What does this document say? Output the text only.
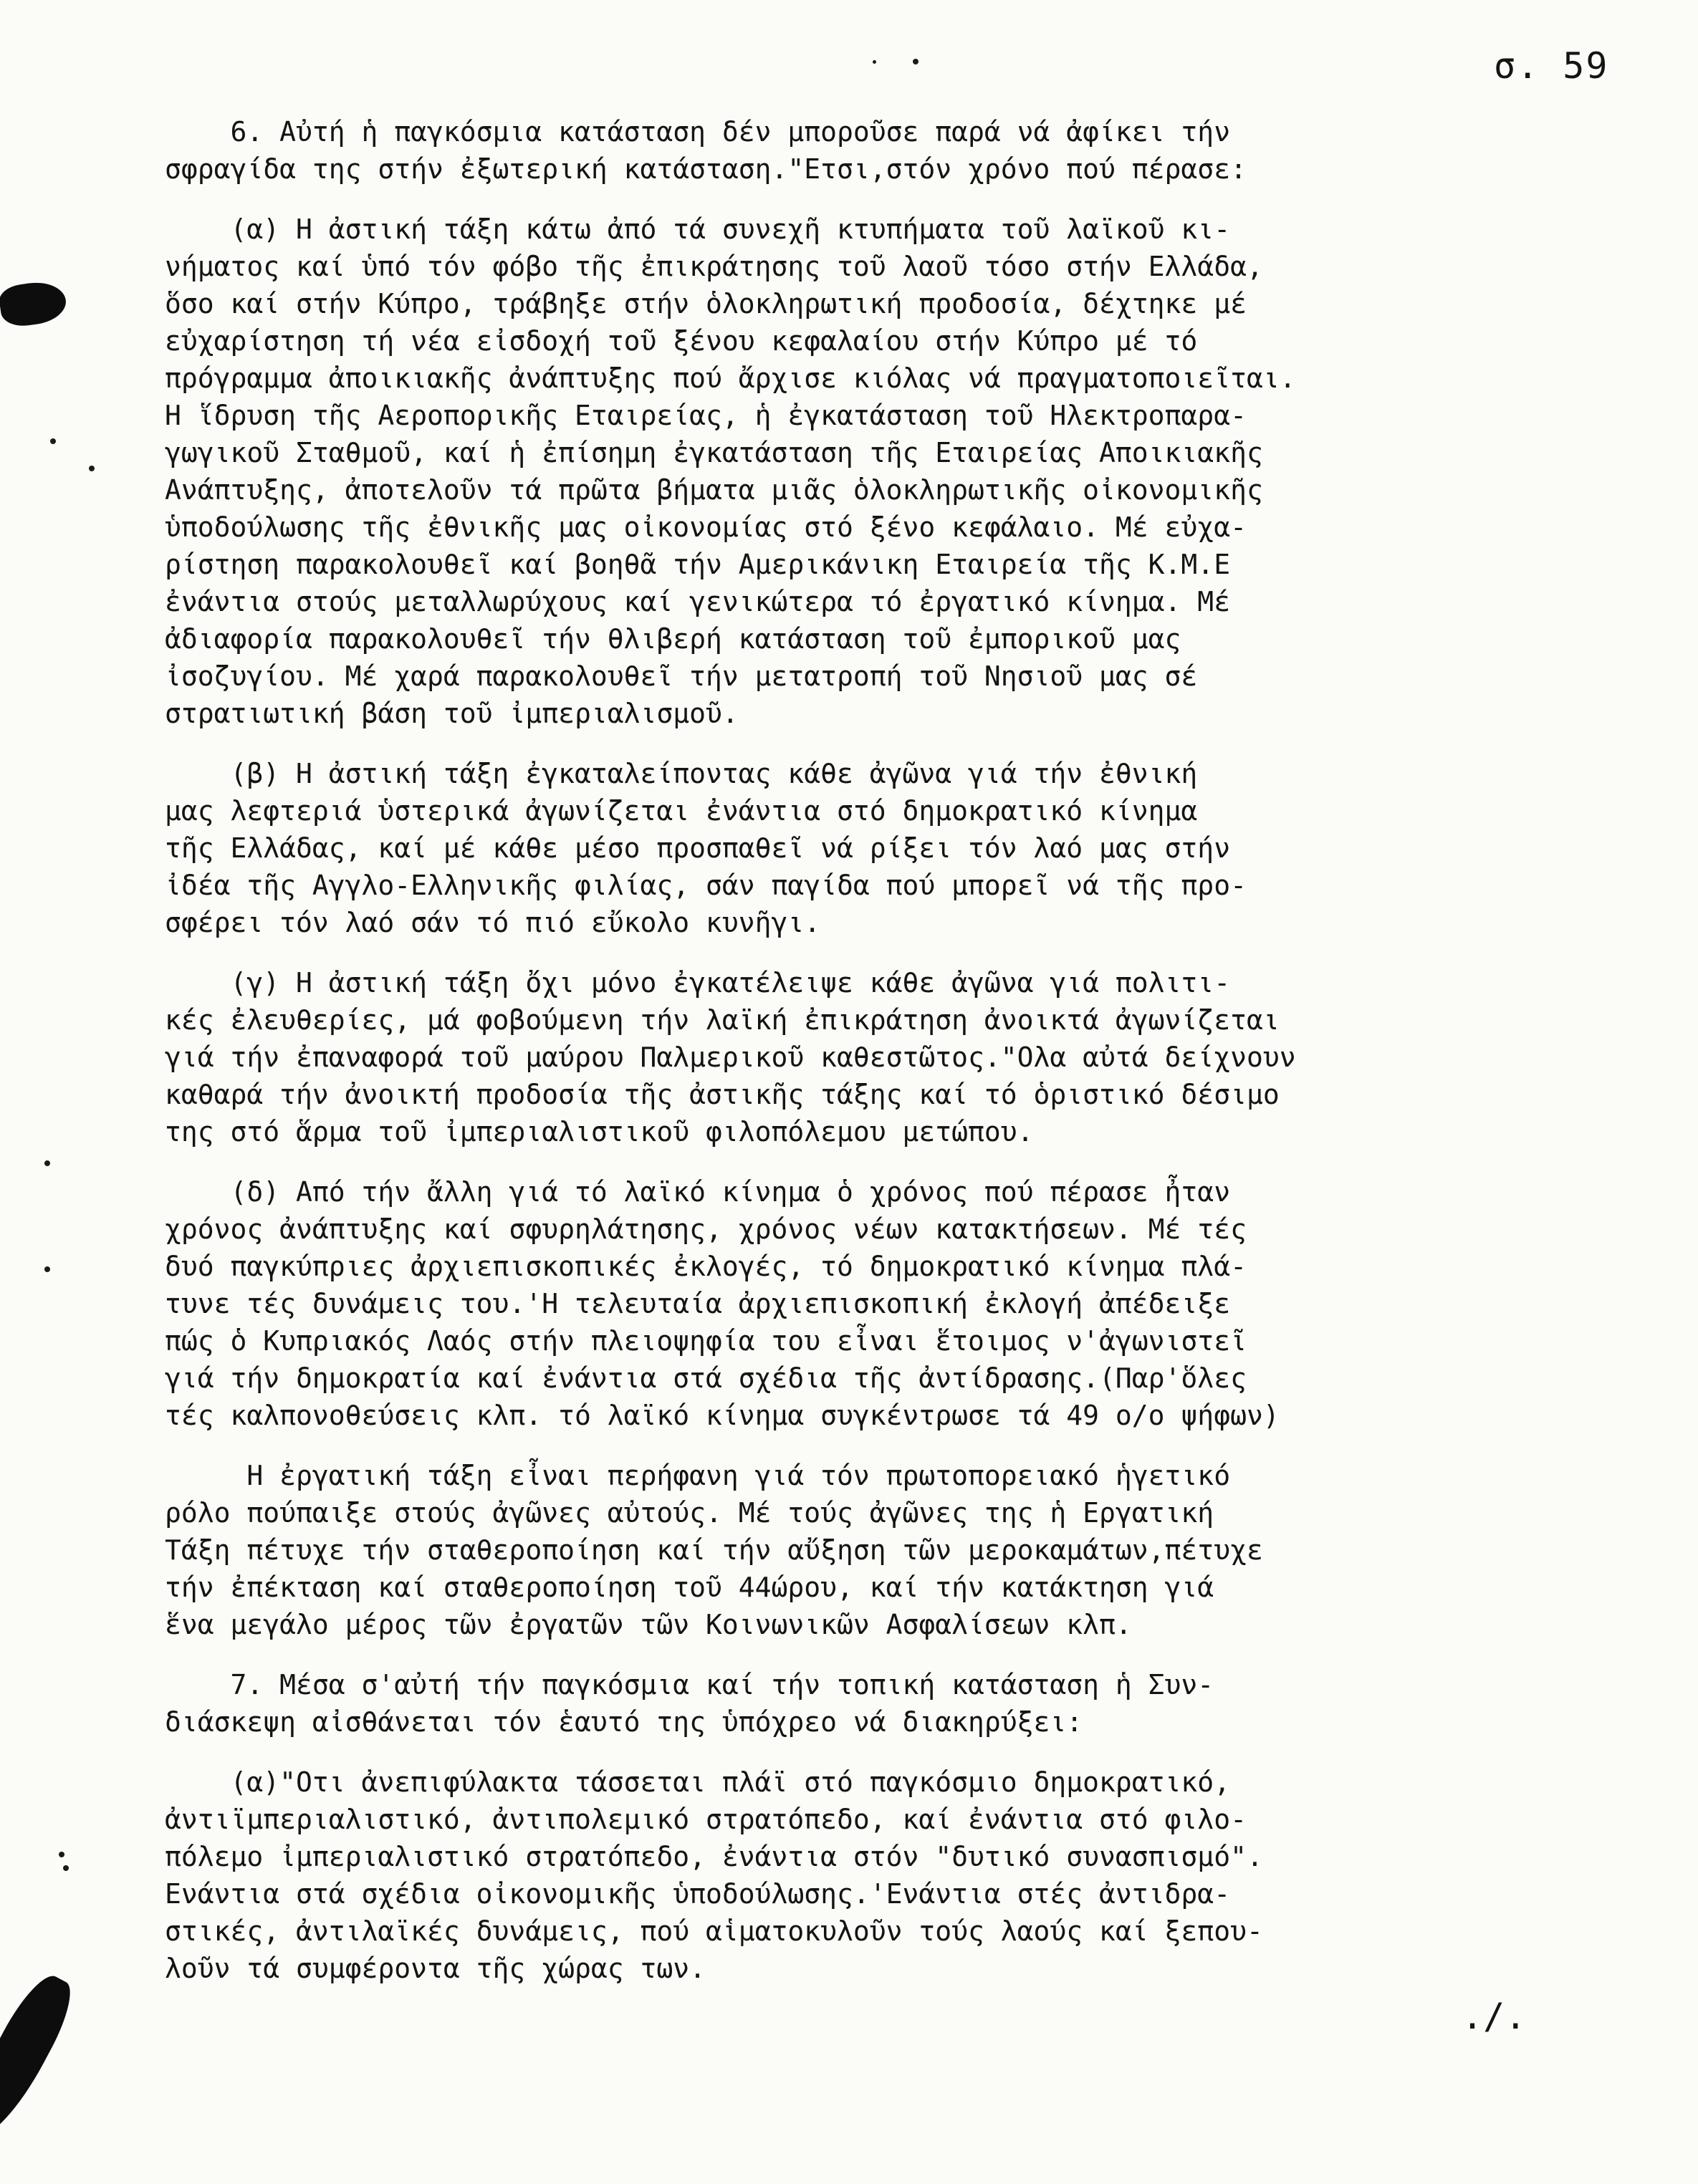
σ. 59
6. Αὐτή ἡ παγκόσμια κατάσταση δέν μποροῦσε παρά νά ἀφίκει τήν
σφραγίδα της στήν ἐξωτερική κατάσταση."Ετσι,στόν χρόνο πού πέρασε:
(α) Η ἀστική τάξη κάτω ἀπό τά συνεχῆ κτυπήματα τοῦ λαϊκοῦ κι-
νήματος καί ὑπό τόν φόβο τῆς ἐπικράτησης τοῦ λαοῦ τόσο στήν Ελλάδα,
ὅσο καί στήν Κύπρο, τράβηξε στήν ὁλοκληρωτική προδοσία, δέχτηκε μέ
εὐχαρίστηση τή νέα εἰσδοχή τοῦ ξένου κεφαλαίου στήν Κύπρο μέ τό
πρόγραμμα ἀποικιακῆς ἀνάπτυξης πού ἄρχισε κιόλας νά πραγματοποιεῖται.
Η ἵδρυση τῆς Αεροπορικῆς Εταιρείας, ἡ ἐγκατάσταση τοῦ Ηλεκτροπαρα-
γωγικοῦ Σταθμοῦ, καί ἡ ἐπίσημη ἐγκατάσταση τῆς Εταιρείας Αποικιακῆς
Ανάπτυξης, ἀποτελοῦν τά πρῶτα βήματα μιᾶς ὁλοκληρωτικῆς οἰκονομικῆς
ὑποδούλωσης τῆς ἐθνικῆς μας οἰκονομίας στό ξένο κεφάλαιο. Μέ εὐχα-
ρίστηση παρακολουθεῖ καί βοηθᾶ τήν Αμερικάνικη Εταιρεία τῆς Κ.Μ.Ε
ἐνάντια στούς μεταλλωρύχους καί γενικώτερα τό ἐργατικό κίνημα. Μέ
ἀδιαφορία παρακολουθεῖ τήν θλιβερή κατάσταση τοῦ ἐμπορικοῦ μας
ἰσοζυγίου. Μέ χαρά παρακολουθεῖ τήν μετατροπή τοῦ Νησιοῦ μας σέ
στρατιωτική βάση τοῦ ἰμπεριαλισμοῦ.
(β) Η ἀστική τάξη ἐγκαταλείποντας κάθε ἀγῶνα γιά τήν ἐθνική
μας λεφτεριά ὑστερικά ἀγωνίζεται ἐνάντια στό δημοκρατικό κίνημα
τῆς Ελλάδας, καί μέ κάθε μέσο προσπαθεῖ νά ρίξει τόν λαό μας στήν
ἰδέα τῆς Αγγλο-Ελληνικῆς φιλίας, σάν παγίδα πού μπορεῖ νά τῆς προ-
σφέρει τόν λαό σάν τό πιό εὔκολο κυνῆγι.
(γ) Η ἀστική τάξη ὄχι μόνο ἐγκατέλειψε κάθε ἀγῶνα γιά πολιτι-
κές ἐλευθερίες, μά φοβούμενη τήν λαϊκή ἐπικράτηση ἀνοικτά ἀγωνίζεται
γιά τήν ἐπαναφορά τοῦ μαύρου Παλμερικοῦ καθεστῶτος."Ολα αὐτά δείχνουν
καθαρά τήν ἀνοικτή προδοσία τῆς ἀστικῆς τάξης καί τό ὁριστικό δέσιμο
της στό ἅρμα τοῦ ἰμπεριαλιστικοῦ φιλοπόλεμου μετώπου.
(δ) Από τήν ἄλλη γιά τό λαϊκό κίνημα ὁ χρόνος πού πέρασε ἦταν
χρόνος ἀνάπτυξης καί σφυρηλάτησης, χρόνος νέων κατακτήσεων. Μέ τές
δυό παγκύπριες ἀρχιεπισκοπικές ἐκλογές, τό δημοκρατικό κίνημα πλά-
τυνε τές δυνάμεις του.'Η τελευταία ἀρχιεπισκοπική ἐκλογή ἀπέδειξε
πώς ὁ Κυπριακός Λαός στήν πλειοψηφία του εἶναι ἕτοιμος ν'ἀγωνιστεῖ
γιά τήν δημοκρατία καί ἐνάντια στά σχέδια τῆς ἀντίδρασης.(Παρ'ὅλες
τές καλπονοθεύσεις κλπ. τό λαϊκό κίνημα συγκέντρωσε τά 49 ο/ο ψήφων)
Η ἐργατική τάξη εἶναι περήφανη γιά τόν πρωτοπορειακό ἡγετικό
ρόλο πούπαιξε στούς ἀγῶνες αὐτούς. Μέ τούς ἀγῶνες της ἡ Εργατική
Τάξη πέτυχε τήν σταθεροποίηση καί τήν αὔξηση τῶν μεροκαμάτων,πέτυχε
τήν ἐπέκταση καί σταθεροποίηση τοῦ 44ώρου, καί τήν κατάκτηση γιά
ἕνα μεγάλο μέρος τῶν ἐργατῶν τῶν Κοινωνικῶν Ασφαλίσεων κλπ.
7. Μέσα σ'αὐτή τήν παγκόσμια καί τήν τοπική κατάσταση ἡ Συν-
διάσκεψη αἰσθάνεται τόν ἑαυτό της ὑπόχρεο νά διακηρύξει:
(α)"Οτι ἀνεπιφύλακτα τάσσεται πλάϊ στό παγκόσμιο δημοκρατικό,
ἀντιϊμπεριαλιστικό, ἀντιπολεμικό στρατόπεδο, καί ἐνάντια στό φιλο-
πόλεμο ἰμπεριαλιστικό στρατόπεδο, ἐνάντια στόν "δυτικό συνασπισμό".
Ενάντια στά σχέδια οἰκονομικῆς ὑποδούλωσης.'Ενάντια στές ἀντιδρα-
στικές, ἀντιλαϊκές δυνάμεις, πού αἱματοκυλοῦν τούς λαούς καί ξεπου-
λοῦν τά συμφέροντα τῆς χώρας των.
./.
